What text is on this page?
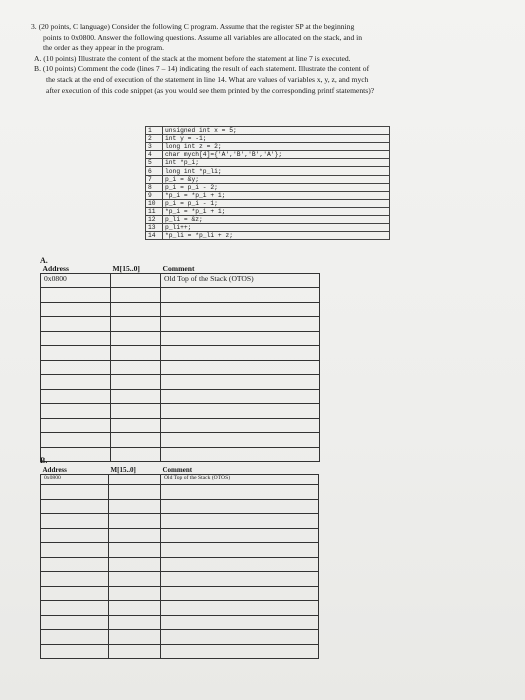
3. (20 points, C language) Consider the following C program. Assume that the register SP at the beginning
points to 0x0800. Answer the following questions. Assume all variables are allocated on the stack, and in
the order as they appear in the program.
A. (10 points) Illustrate the content of the stack at the moment before the statement at line 7 is executed.
B. (10 points) Comment the code (lines 7 – 14) indicating the result of each statement. Illustrate the content of
the stack at the end of execution of the statement in line 14. What are values of variables x, y, z, and mych
after execution of this code snippet (as you would see them printed by the corresponding printf statements)?
1	unsigned int x = 5;
2	int y = -1;
3	long int z = 2;
4	char mych[4]={'A','B','B','A'};
5	int *p_i;
6	long int *p_li;
7	p_i = &y;
8	p_i = p_i - 2;
9	*p_i = *p_i + 1;
10	p_i = p_i - 1;
11	*p_i = *p_i + 1;
12	p_li = &z;
13	p_li++;
14	*p_li = *p_li + z;
A.
Address	M[15..0]	Comment
0x0800		Old Top of the Stack (OTOS)

B.
Address	M[15..0]	Comment
0x0800		Old Top of the Stack (OTOS)
